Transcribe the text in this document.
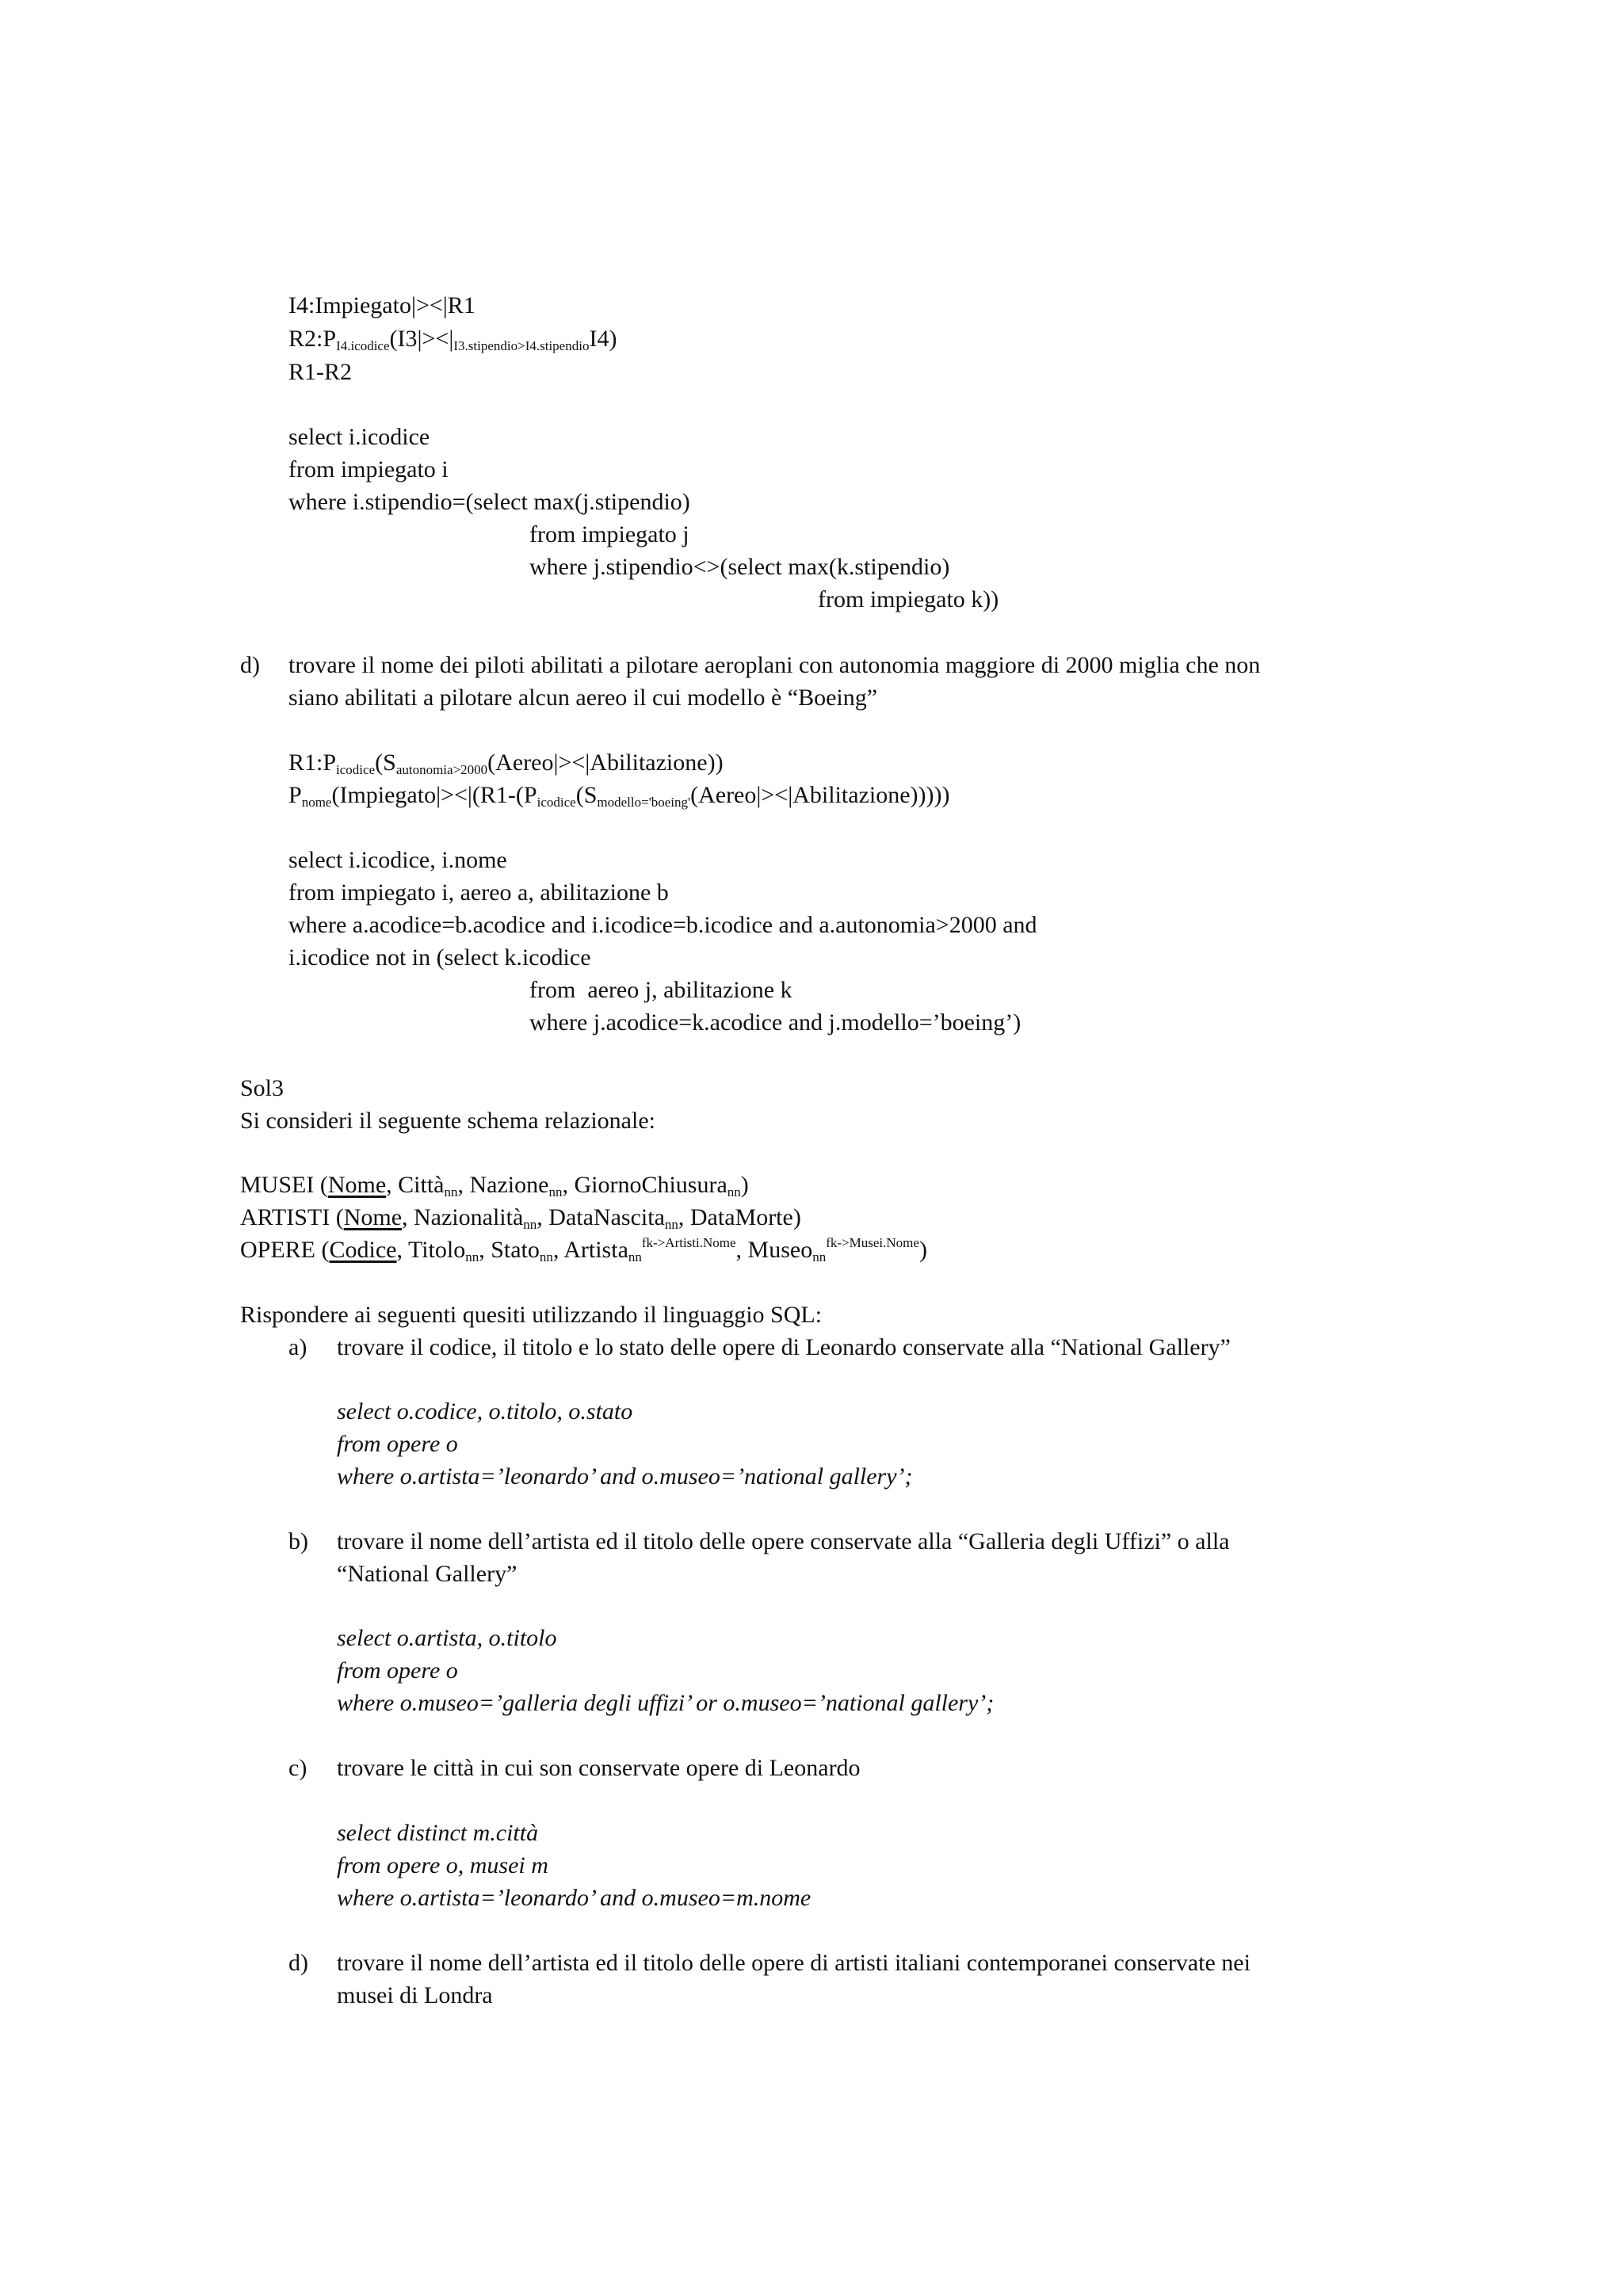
I4:Impiegato|><|R1
$R2:P_{I4.icodice}(I3|><|_{I3.stipendio>I4.stipendio}I4)$
R1-R2
select i.icodice
from impiegato i
where i.stipendio=(select max(j.stipendio)
from impiegato j
where j.stipendio<>(select max(k.stipendio)
from impiegato k))
d) trovare il nome dei piloti abilitati a pilotare aeroplani con autonomia maggiore di 2000 miglia che non
siano abilitati a pilotare alcun aereo il cui modello è “Boeing”
$R1:P_{icodice}(S_{autonomia>2000}(Aereo|><|Abilitazione))$
$P_{nome}(Impiegato|><|(R1-(P_{icodice}(S_{modello='boeing'}(Aereo|><|Abilitazione)))))$
select i.icodice, i.nome
from impiegato i, aereo a, abilitazione b
where a.acodice=b.acodice and i.icodice=b.icodice and a.autonomia>2000 and
i.icodice not in (select k.icodice
from  aereo j, abilitazione k
where j.acodice=k.acodice and j.modello=’boeing’)
Sol3
Si consideri il seguente schema relazionale:
MUSEI (Nome, Città$_{nn}$, Nazione$_{nn}$, GiornoChiusura$_{nn}$)
ARTISTI (Nome, Nazionalità$_{nn}$, DataNascita$_{nn}$, DataMorte)
OPERE (Codice, Titolo$_{nn}$, Stato$_{nn}$, Artista$_{nn}^{fk->Artisti.Nome}$, Museo$_{nn}^{fk->Musei.Nome}$)
Rispondere ai seguenti quesiti utilizzando il linguaggio SQL:
a) trovare il codice, il titolo e lo stato delle opere di Leonardo conservate alla “National Gallery”
select o.codice, o.titolo, o.stato
from opere o
where o.artista=’leonardo’ and o.museo=’national gallery’;
b) trovare il nome dell’artista ed il titolo delle opere conservate alla “Galleria degli Uffizi” o alla
“National Gallery”
select o.artista, o.titolo
from opere o
where o.museo=’galleria degli uffizi’ or o.museo=’national gallery’;
c) trovare le città in cui son conservate opere di Leonardo
select distinct m.città
from opere o, musei m
where o.artista=’leonardo’ and o.museo=m.nome
d) trovare il nome dell’artista ed il titolo delle opere di artisti italiani contemporanei conservate nei
musei di Londra
